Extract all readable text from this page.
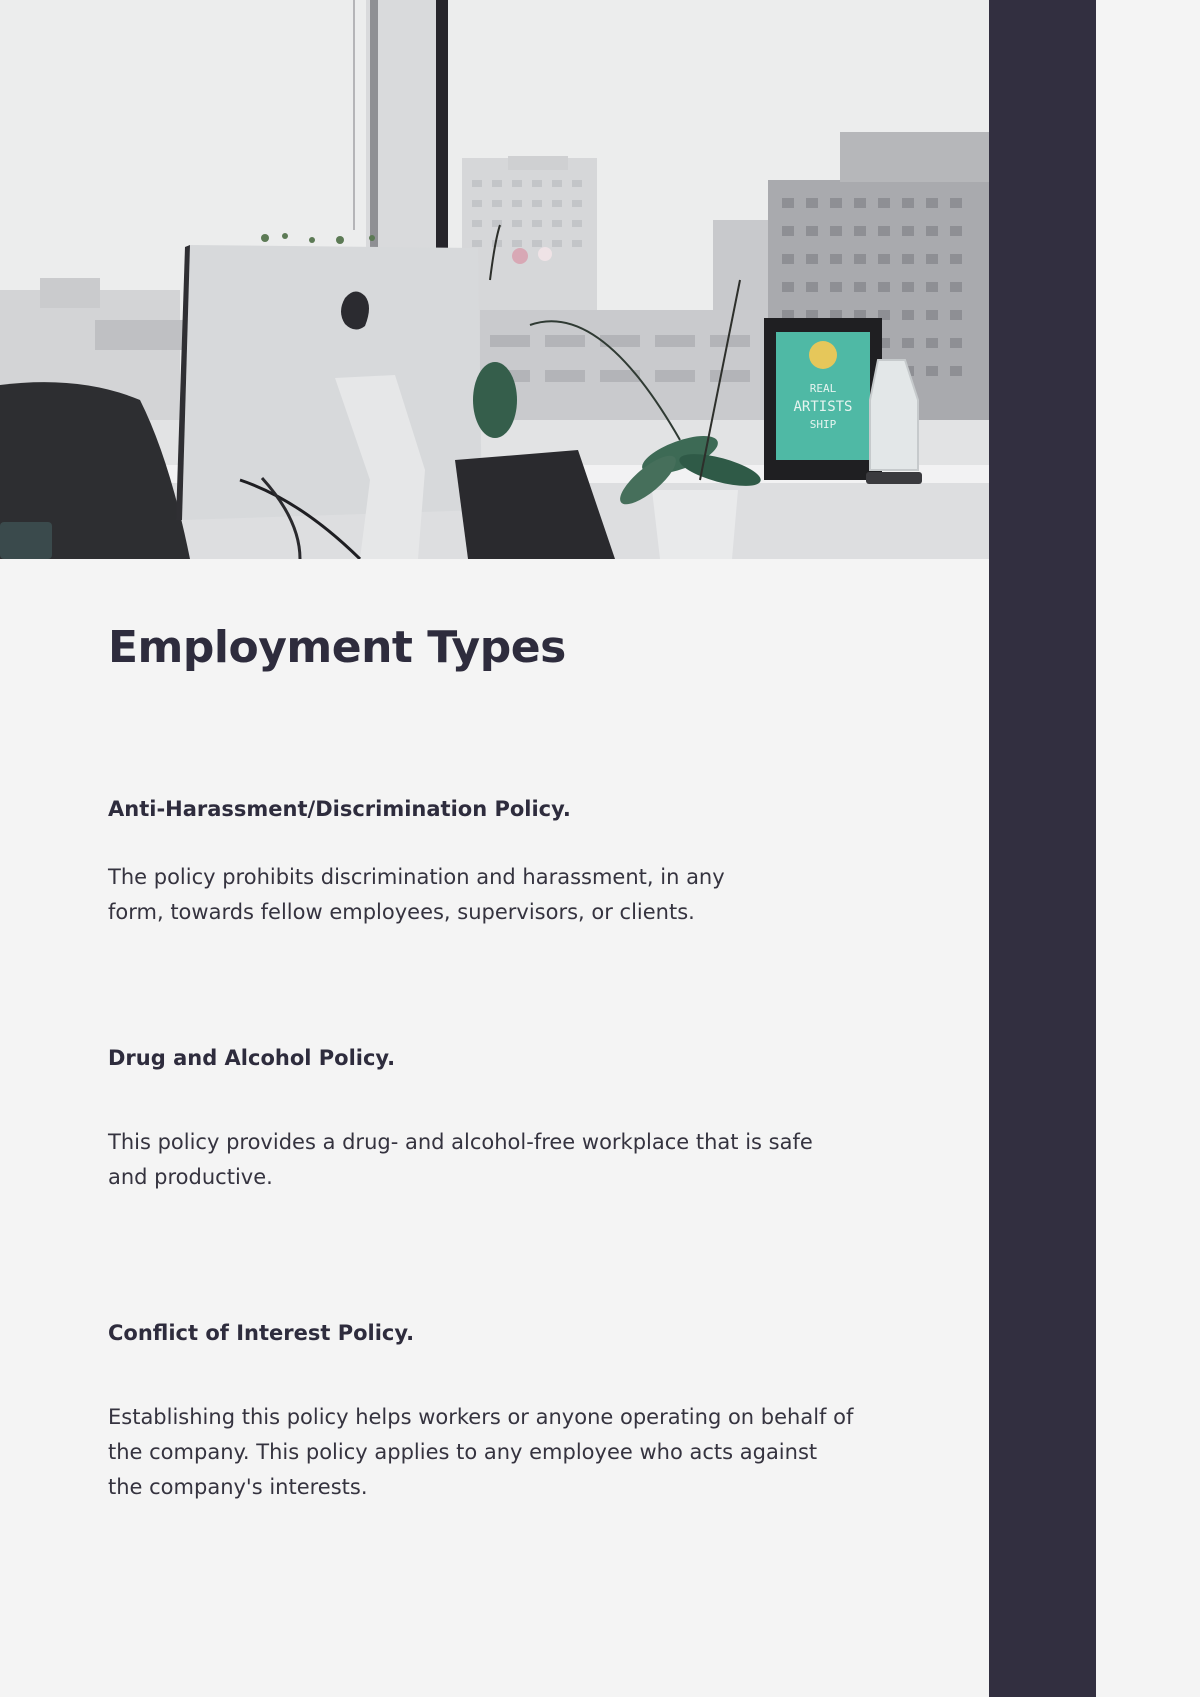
REAL
ARTISTS
SHIP
Employment Types
Anti-Harassment/Discrimination Policy.

The policy prohibits discrimination and harassment, in any
form, towards fellow employees, supervisors, or clients.

Drug and Alcohol Policy.

This policy provides a drug- and alcohol-free workplace that is safe
and productive.

Conflict of Interest Policy.

Establishing this policy helps workers or anyone operating on behalf of
the company. This policy applies to any employee who acts against
the company's interests.
